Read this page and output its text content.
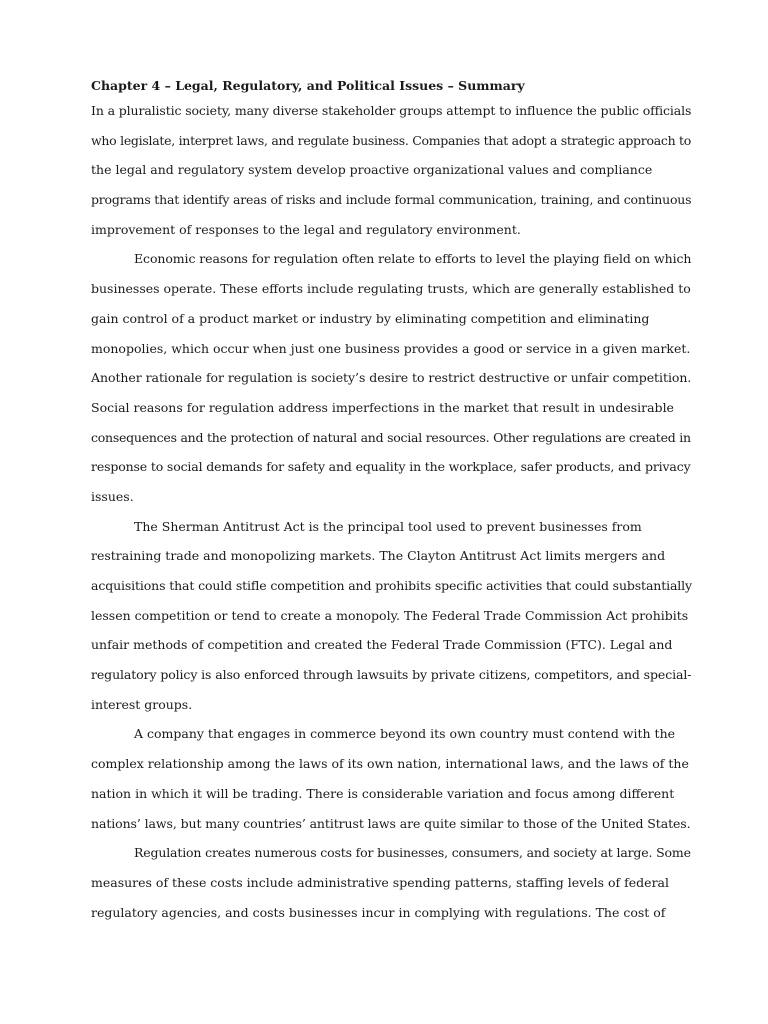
Chapter 4 – Legal, Regulatory, and Political Issues – Summary
In a pluralistic society, many diverse stakeholder groups attempt to influence the public officials
who legislate, interpret laws, and regulate business. Companies that adopt a strategic approach to
the legal and regulatory system develop proactive organizational values and compliance
programs that identify areas of risks and include formal communication, training, and continuous
improvement of responses to the legal and regulatory environment.
Economic reasons for regulation often relate to efforts to level the playing field on which
businesses operate. These efforts include regulating trusts, which are generally established to
gain control of a product market or industry by eliminating competition and eliminating
monopolies, which occur when just one business provides a good or service in a given market.
Another rationale for regulation is society’s desire to restrict destructive or unfair competition.
Social reasons for regulation address imperfections in the market that result in undesirable
consequences and the protection of natural and social resources. Other regulations are created in
response to social demands for safety and equality in the workplace, safer products, and privacy
issues.
The Sherman Antitrust Act is the principal tool used to prevent businesses from
restraining trade and monopolizing markets. The Clayton Antitrust Act limits mergers and
acquisitions that could stifle competition and prohibits specific activities that could substantially
lessen competition or tend to create a monopoly. The Federal Trade Commission Act prohibits
unfair methods of competition and created the Federal Trade Commission (FTC). Legal and
regulatory policy is also enforced through lawsuits by private citizens, competitors, and special-
interest groups.
A company that engages in commerce beyond its own country must contend with the
complex relationship among the laws of its own nation, international laws, and the laws of the
nation in which it will be trading. There is considerable variation and focus among different
nations’ laws, but many countries’ antitrust laws are quite similar to those of the United States.
Regulation creates numerous costs for businesses, consumers, and society at large. Some
measures of these costs include administrative spending patterns, staffing levels of federal
regulatory agencies, and costs businesses incur in complying with regulations. The cost of
